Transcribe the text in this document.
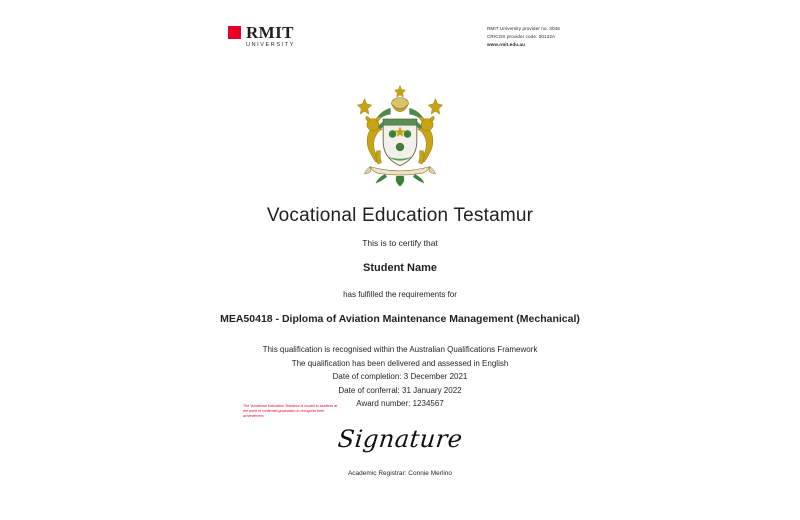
RMIT
UNIVERSITY
RMIT University provider no. 3046
CRICOS provider code: 00122A
www.rmit.edu.au
Vocational Education Testamur
This is to certify that
Student Name
has fulfilled the requirements for
MEA50418 - Diploma of Aviation Maintenance Management (Mechanical)
This qualification is recognised within the Australian Qualifications Framework
The qualification has been delivered and assessed in English
Date of completion: 3 December 2021
Date of conferral: 31 January 2022
Award number: 1234567
The Vocational Education Testamur is issued to students at the point of confirmed graduation to recognise their achievement.
Signature
Academic Registrar: Connie Merlino
